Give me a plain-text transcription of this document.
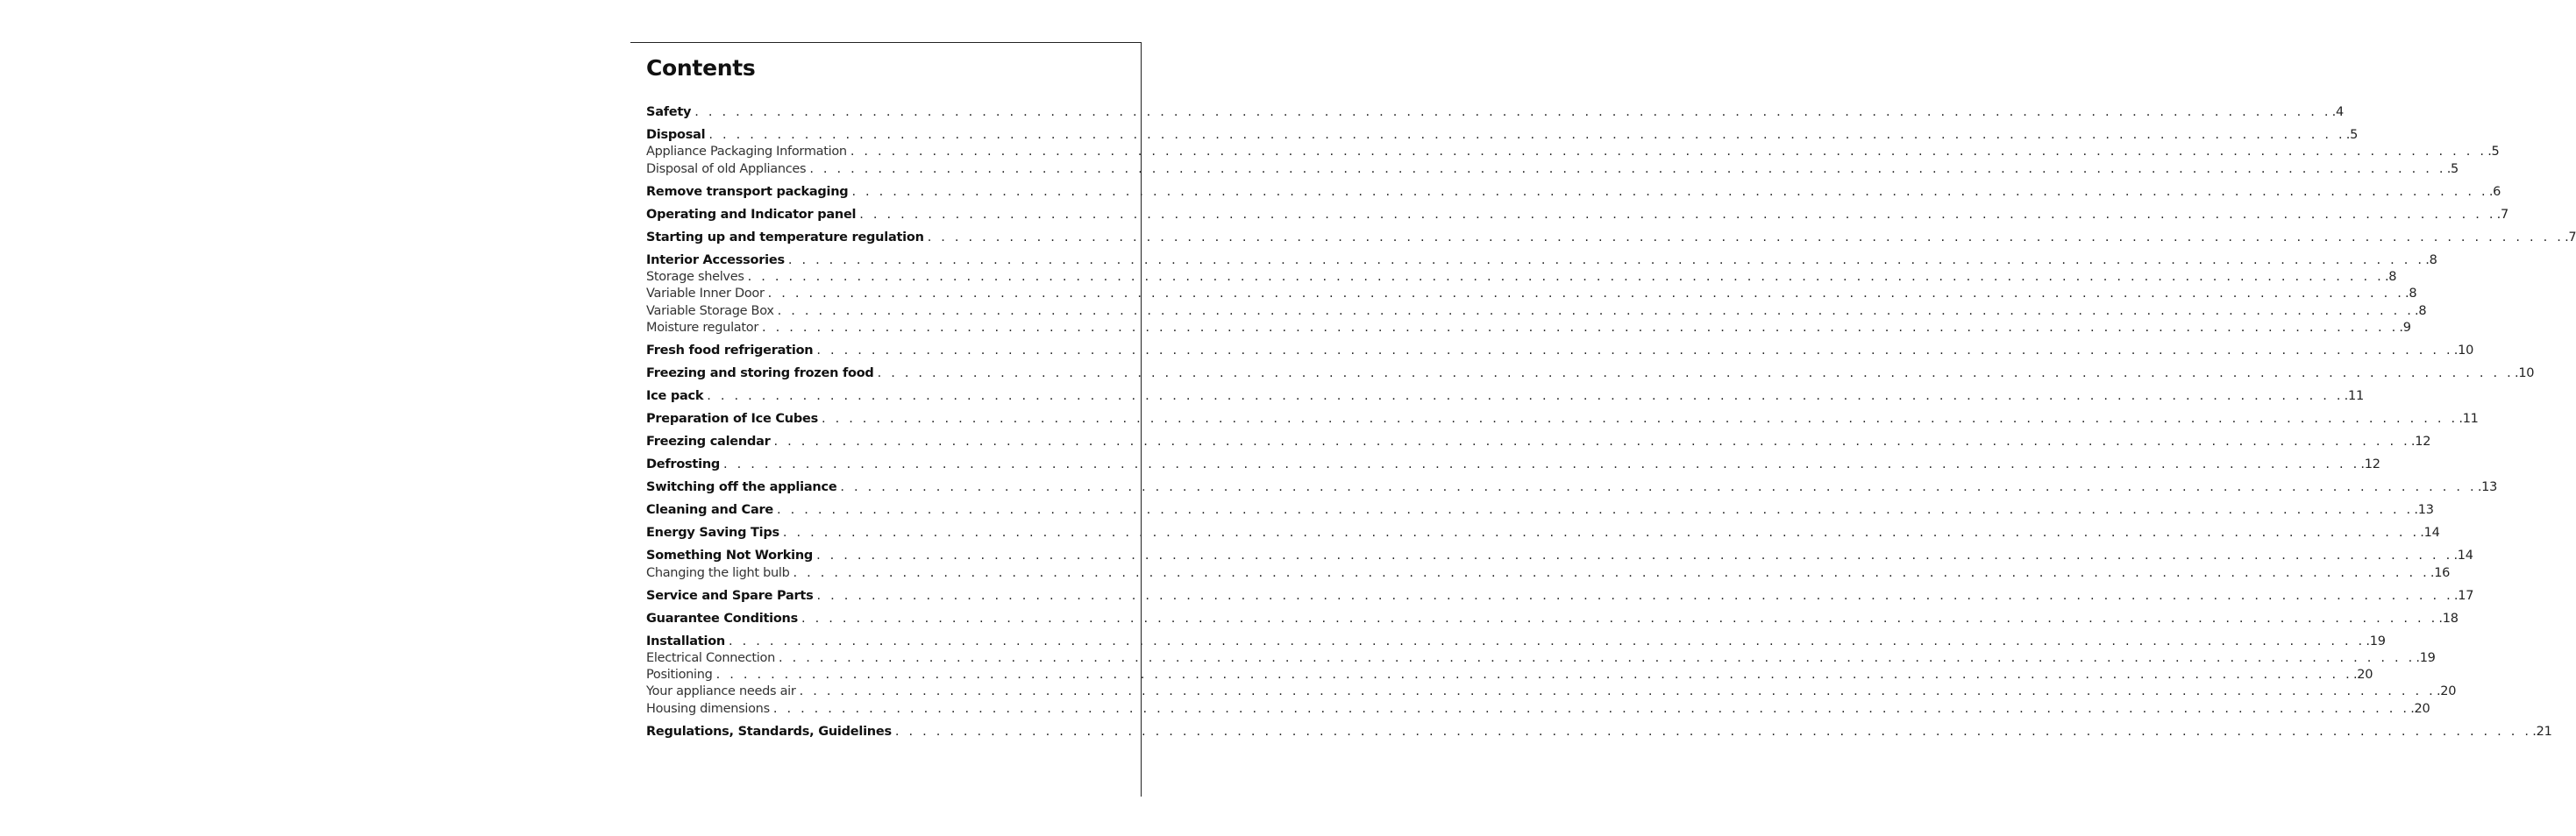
Contents
Safety . . . . . . . . . . . . . . . . . . . . . . . . . . . . . . . . . . . . . . . . . . . . . . . . . . . . . . . . . . . . . . . . . . . . . . . . . . . . . . . . . . . . . . . . . . . . . . . . . . . . . . . . . . . . . . . . . . . . . . . . .4
Disposal . . . . . . . . . . . . . . . . . . . . . . . . . . . . . . . . . . . . . . . . . . . . . . . . . . . . . . . . . . . . . . . . . . . . . . . . . . . . . . . . . . . . . . . . . . . . . . . . . . . . . . . . . . . . . . . . . . . . . . . . .5
Appliance Packaging Information . . . . . . . . . . . . . . . . . . . . . . . . . . . . . . . . . . . . . . . . . . . . . . . . . . . . . . . . . . . . . . . . . . . . . . . . . . . . . . . . . . . . . . . . . . . . . . . . . . . . . . . . . . . . . . . . . . . . . . . . .5
Disposal of old Appliances . . . . . . . . . . . . . . . . . . . . . . . . . . . . . . . . . . . . . . . . . . . . . . . . . . . . . . . . . . . . . . . . . . . . . . . . . . . . . . . . . . . . . . . . . . . . . . . . . . . . . . . . . . . . . . . . . . . . . . . . .5
Remove transport packaging . . . . . . . . . . . . . . . . . . . . . . . . . . . . . . . . . . . . . . . . . . . . . . . . . . . . . . . . . . . . . . . . . . . . . . . . . . . . . . . . . . . . . . . . . . . . . . . . . . . . . . . . . . . . . . . . . . . . . . . . .6
Operating and Indicator panel . . . . . . . . . . . . . . . . . . . . . . . . . . . . . . . . . . . . . . . . . . . . . . . . . . . . . . . . . . . . . . . . . . . . . . . . . . . . . . . . . . . . . . . . . . . . . . . . . . . . . . . . . . . . . . . . . . . . . . . . .7
Starting up and temperature regulation . . . . . . . . . . . . . . . . . . . . . . . . . . . . . . . . . . . . . . . . . . . . . . . . . . . . . . . . . . . . . . . . . . . . . . . . . . . . . . . . . . . . . . . . . . . . . . . . . . . . . . . . . . . . . . . . . . . . . . . . .7
Interior Accessories . . . . . . . . . . . . . . . . . . . . . . . . . . . . . . . . . . . . . . . . . . . . . . . . . . . . . . . . . . . . . . . . . . . . . . . . . . . . . . . . . . . . . . . . . . . . . . . . . . . . . . . . . . . . . . . . . . . . . . . . .8
Storage shelves . . . . . . . . . . . . . . . . . . . . . . . . . . . . . . . . . . . . . . . . . . . . . . . . . . . . . . . . . . . . . . . . . . . . . . . . . . . . . . . . . . . . . . . . . . . . . . . . . . . . . . . . . . . . . . . . . . . . . . . . .8
Variable Inner Door . . . . . . . . . . . . . . . . . . . . . . . . . . . . . . . . . . . . . . . . . . . . . . . . . . . . . . . . . . . . . . . . . . . . . . . . . . . . . . . . . . . . . . . . . . . . . . . . . . . . . . . . . . . . . . . . . . . . . . . . .8
Variable Storage Box . . . . . . . . . . . . . . . . . . . . . . . . . . . . . . . . . . . . . . . . . . . . . . . . . . . . . . . . . . . . . . . . . . . . . . . . . . . . . . . . . . . . . . . . . . . . . . . . . . . . . . . . . . . . . . . . . . . . . . . . .8
Moisture regulator . . . . . . . . . . . . . . . . . . . . . . . . . . . . . . . . . . . . . . . . . . . . . . . . . . . . . . . . . . . . . . . . . . . . . . . . . . . . . . . . . . . . . . . . . . . . . . . . . . . . . . . . . . . . . . . . . . . . . . . . .9
Fresh food refrigeration . . . . . . . . . . . . . . . . . . . . . . . . . . . . . . . . . . . . . . . . . . . . . . . . . . . . . . . . . . . . . . . . . . . . . . . . . . . . . . . . . . . . . . . . . . . . . . . . . . . . . . . . . . . . . . . . . . . . . . . . .10
Freezing and storing frozen food . . . . . . . . . . . . . . . . . . . . . . . . . . . . . . . . . . . . . . . . . . . . . . . . . . . . . . . . . . . . . . . . . . . . . . . . . . . . . . . . . . . . . . . . . . . . . . . . . . . . . . . . . . . . . . . . . . . . . . . . .10
Ice pack . . . . . . . . . . . . . . . . . . . . . . . . . . . . . . . . . . . . . . . . . . . . . . . . . . . . . . . . . . . . . . . . . . . . . . . . . . . . . . . . . . . . . . . . . . . . . . . . . . . . . . . . . . . . . . . . . . . . . . . . .11
Preparation of Ice Cubes . . . . . . . . . . . . . . . . . . . . . . . . . . . . . . . . . . . . . . . . . . . . . . . . . . . . . . . . . . . . . . . . . . . . . . . . . . . . . . . . . . . . . . . . . . . . . . . . . . . . . . . . . . . . . . . . . . . . . . . . .11
Freezing calendar . . . . . . . . . . . . . . . . . . . . . . . . . . . . . . . . . . . . . . . . . . . . . . . . . . . . . . . . . . . . . . . . . . . . . . . . . . . . . . . . . . . . . . . . . . . . . . . . . . . . . . . . . . . . . . . . . . . . . . . . .12
Defrosting . . . . . . . . . . . . . . . . . . . . . . . . . . . . . . . . . . . . . . . . . . . . . . . . . . . . . . . . . . . . . . . . . . . . . . . . . . . . . . . . . . . . . . . . . . . . . . . . . . . . . . . . . . . . . . . . . . . . . . . . .12
Switching off the appliance . . . . . . . . . . . . . . . . . . . . . . . . . . . . . . . . . . . . . . . . . . . . . . . . . . . . . . . . . . . . . . . . . . . . . . . . . . . . . . . . . . . . . . . . . . . . . . . . . . . . . . . . . . . . . . . . . . . . . . . . .13
Cleaning and Care . . . . . . . . . . . . . . . . . . . . . . . . . . . . . . . . . . . . . . . . . . . . . . . . . . . . . . . . . . . . . . . . . . . . . . . . . . . . . . . . . . . . . . . . . . . . . . . . . . . . . . . . . . . . . . . . . . . . . . . . .13
Energy Saving Tips . . . . . . . . . . . . . . . . . . . . . . . . . . . . . . . . . . . . . . . . . . . . . . . . . . . . . . . . . . . . . . . . . . . . . . . . . . . . . . . . . . . . . . . . . . . . . . . . . . . . . . . . . . . . . . . . . . . . . . . . .14
Something Not Working . . . . . . . . . . . . . . . . . . . . . . . . . . . . . . . . . . . . . . . . . . . . . . . . . . . . . . . . . . . . . . . . . . . . . . . . . . . . . . . . . . . . . . . . . . . . . . . . . . . . . . . . . . . . . . . . . . . . . . . . .14
Changing the light bulb . . . . . . . . . . . . . . . . . . . . . . . . . . . . . . . . . . . . . . . . . . . . . . . . . . . . . . . . . . . . . . . . . . . . . . . . . . . . . . . . . . . . . . . . . . . . . . . . . . . . . . . . . . . . . . . . . . . . . . . . .16
Service and Spare Parts . . . . . . . . . . . . . . . . . . . . . . . . . . . . . . . . . . . . . . . . . . . . . . . . . . . . . . . . . . . . . . . . . . . . . . . . . . . . . . . . . . . . . . . . . . . . . . . . . . . . . . . . . . . . . . . . . . . . . . . . .17
Guarantee Conditions . . . . . . . . . . . . . . . . . . . . . . . . . . . . . . . . . . . . . . . . . . . . . . . . . . . . . . . . . . . . . . . . . . . . . . . . . . . . . . . . . . . . . . . . . . . . . . . . . . . . . . . . . . . . . . . . . . . . . . . . .18
Installation . . . . . . . . . . . . . . . . . . . . . . . . . . . . . . . . . . . . . . . . . . . . . . . . . . . . . . . . . . . . . . . . . . . . . . . . . . . . . . . . . . . . . . . . . . . . . . . . . . . . . . . . . . . . . . . . . . . . . . . . .19
Electrical Connection . . . . . . . . . . . . . . . . . . . . . . . . . . . . . . . . . . . . . . . . . . . . . . . . . . . . . . . . . . . . . . . . . . . . . . . . . . . . . . . . . . . . . . . . . . . . . . . . . . . . . . . . . . . . . . . . . . . . . . . . .19
Positioning . . . . . . . . . . . . . . . . . . . . . . . . . . . . . . . . . . . . . . . . . . . . . . . . . . . . . . . . . . . . . . . . . . . . . . . . . . . . . . . . . . . . . . . . . . . . . . . . . . . . . . . . . . . . . . . . . . . . . . . . .20
Your appliance needs air . . . . . . . . . . . . . . . . . . . . . . . . . . . . . . . . . . . . . . . . . . . . . . . . . . . . . . . . . . . . . . . . . . . . . . . . . . . . . . . . . . . . . . . . . . . . . . . . . . . . . . . . . . . . . . . . . . . . . . . . .20
Housing dimensions . . . . . . . . . . . . . . . . . . . . . . . . . . . . . . . . . . . . . . . . . . . . . . . . . . . . . . . . . . . . . . . . . . . . . . . . . . . . . . . . . . . . . . . . . . . . . . . . . . . . . . . . . . . . . . . . . . . . . . . . .20
Regulations, Standards, Guidelines . . . . . . . . . . . . . . . . . . . . . . . . . . . . . . . . . . . . . . . . . . . . . . . . . . . . . . . . . . . . . . . . . . . . . . . . . . . . . . . . . . . . . . . . . . . . . . . . . . . . . . . . . . . . . . . . . . . . . . . . .21
